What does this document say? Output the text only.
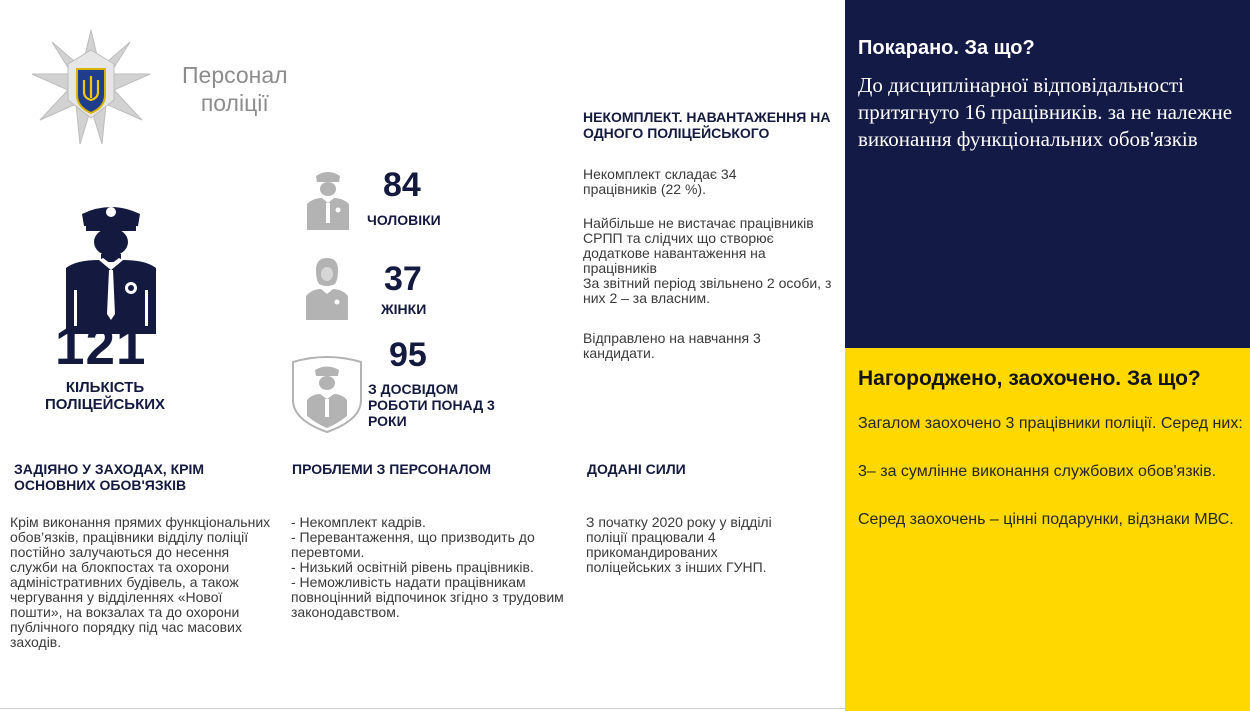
Персонал
поліції
121
КІЛЬКІСТЬ ПОЛІЦЕЙСЬКИХ
84
ЧОЛОВІКИ
37
ЖІНКИ
95
З ДОСВІДОМ РОБОТИ ПОНАД 3 РОКИ
НЕКОМПЛЕКТ. НАВАНТАЖЕННЯ НА ОДНОГО ПОЛІЦЕЙСЬКОГО
Некомплект складає 34 працівників (22 %).
Найбільше не вистачає працівників СРПП та слідчих що створює додаткове навантаження на працівників
За звітний період звільнено 2 особи, з них 2 – за власним.
Відправлено на навчання 3 кандидати.
ЗАДІЯНО У ЗАХОДАХ, КРІМ ОСНОВНИХ ОБОВ'ЯЗКІВ
Крім виконання прямих функціональних обов’язків, працівники відділу поліції постійно залучаються до несення служби на блокпостах та охорони адміністративних будівель, а також чергування у відділеннях «Нової пошти», на вокзалах та до охорони публічного порядку під час масових заходів.
ПРОБЛЕМИ З ПЕРСОНАЛОМ
- Некомплект кадрів.
- Перевантаження, що призводить до перевтоми.
- Низький освітній рівень працівників.
- Неможливість надати працівникам повноцінний відпочинок згідно з трудовим законодавством.
ДОДАНІ СИЛИ
З початку 2020 року у відділі поліції працювали 4 прикомандированих поліцейських з інших ГУНП.
Покарано. За що?
До дисциплінарної відповідальності притягнуто 16 працівників. за не належне виконання функціональних обов'язків
Нагороджено, заохочено. За що?
Загалом заохочено 3 працівники поліції. Серед них:

3– за сумлінне виконання службових обов'язків.

Серед заохочень – цінні подарунки, відзнаки МВС.
